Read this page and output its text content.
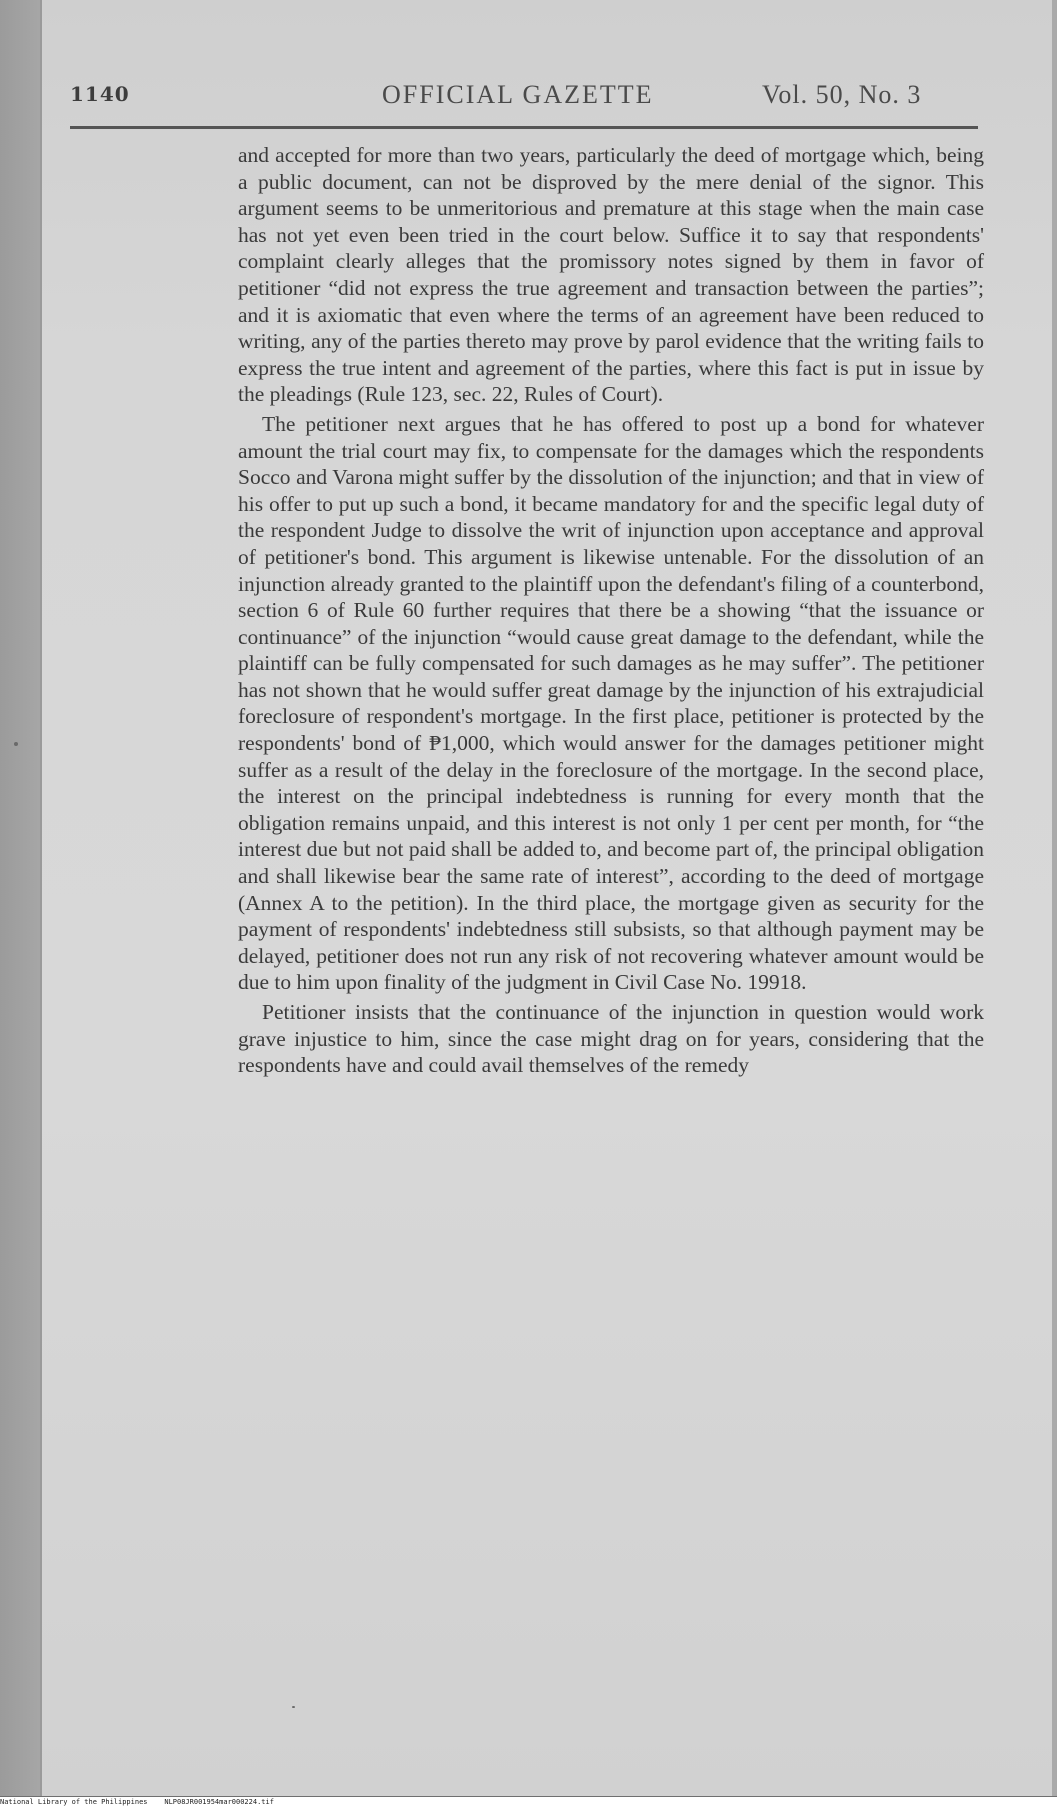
1140	OFFICIAL GAZETTE	Vol. 50, No. 3

and accepted for more than two years, particularly the deed of mortgage which, being a public document, can not be disproved by the mere denial of the signor. This argument seems to be unmeritorious and premature at this stage when the main case has not yet even been tried in the court below. Suffice it to say that respondents' complaint clearly alleges that the promissory notes signed by them in favor of petitioner “did not express the true agreement and transaction between the parties”; and it is axiomatic that even where the terms of an agreement have been reduced to writing, any of the parties thereto may prove by parol evidence that the writing fails to express the true intent and agreement of the parties, where this fact is put in issue by the pleadings (Rule 123, sec. 22, Rules of Court).

The petitioner next argues that he has offered to post up a bond for whatever amount the trial court may fix, to compensate for the damages which the respondents Socco and Varona might suffer by the dissolution of the injunction; and that in view of his offer to put up such a bond, it became mandatory for and the specific legal duty of the respondent Judge to dissolve the writ of injunction upon acceptance and approval of petitioner's bond. This argument is likewise untenable. For the dissolution of an injunction already granted to the plaintiff upon the defendant's filing of a counterbond, section 6 of Rule 60 further requires that there be a showing “that the issuance or continuance” of the injunction “would cause great damage to the defendant, while the plaintiff can be fully compensated for such damages as he may suffer”. The petitioner has not shown that he would suffer great damage by the injunction of his extrajudicial foreclosure of respondent's mortgage. In the first place, petitioner is protected by the respondents' bond of ₱1,000, which would answer for the damages petitioner might suffer as a result of the delay in the foreclosure of the mortgage. In the second place, the interest on the principal indebtedness is running for every month that the obligation remains unpaid, and this interest is not only 1 per cent per month, for “the interest due but not paid shall be added to, and become part of, the principal obligation and shall likewise bear the same rate of interest”, according to the deed of mortgage (Annex A to the petition). In the third place, the mortgage given as security for the payment of respondents' indebtedness still subsists, so that although payment may be delayed, petitioner does not run any risk of not recovering whatever amount would be due to him upon finality of the judgment in Civil Case No. 19918.

Petitioner insists that the continuance of the injunction in question would work grave injustice to him, since the case might drag on for years, considering that the respondents have and could avail themselves of the remedy

National Library of the Philippines    NLP08JR001954mar000224.tif
